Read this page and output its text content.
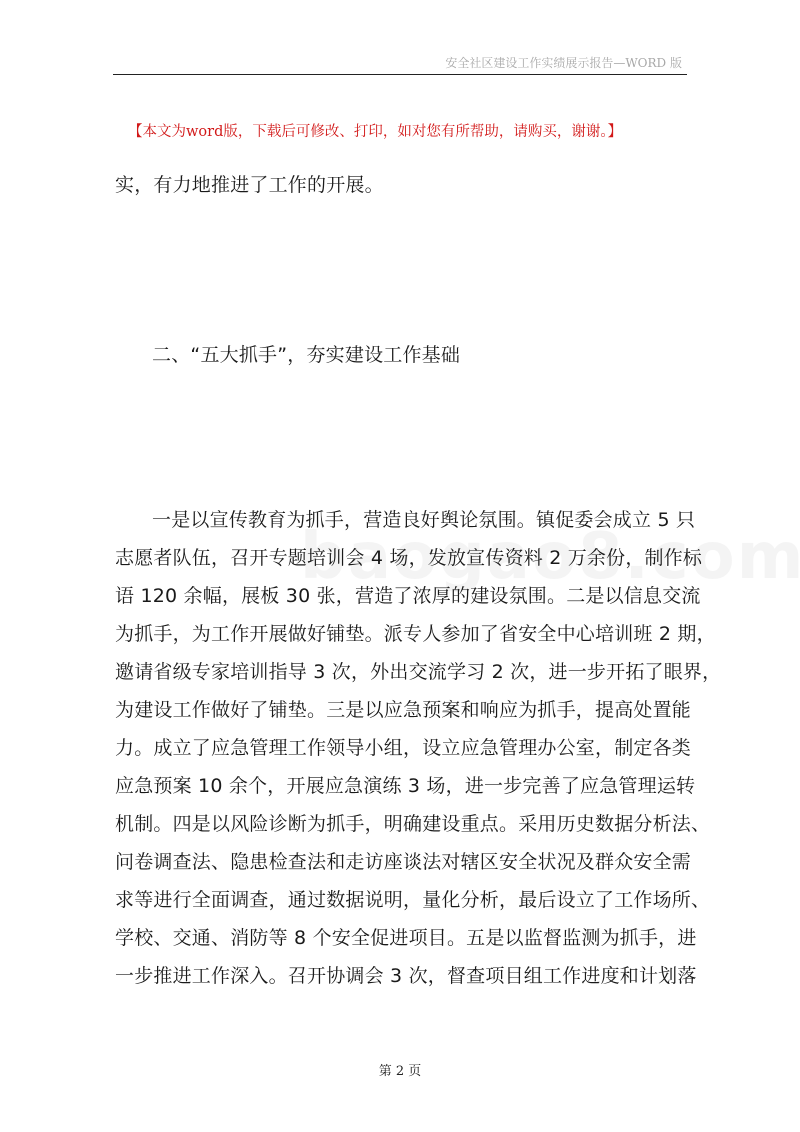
安全社区建设工作实绩展示报告—WORD 版
【本文为word版，下载后可修改、打印，如对您有所帮助，请购买，谢谢。】
实，有力地推进了工作的开展。
二、“五大抓手”，夯实建设工作基础
一是以宣传教育为抓手，营造良好舆论氛围。镇促委会成立 5 只
志愿者队伍，召开专题培训会 4 场，发放宣传资料 2 万余份，制作标
语 120 余幅，展板 30 张，营造了浓厚的建设氛围。二是以信息交流
为抓手，为工作开展做好铺垫。派专人参加了省安全中心培训班 2 期，
邀请省级专家培训指导 3 次，外出交流学习 2 次，进一步开拓了眼界，
为建设工作做好了铺垫。三是以应急预案和响应为抓手，提高处置能
力。成立了应急管理工作领导小组，设立应急管理办公室，制定各类
应急预案 10 余个，开展应急演练 3 场，进一步完善了应急管理运转
机制。四是以风险诊断为抓手，明确建设重点。采用历史数据分析法、
问卷调查法、隐患检查法和走访座谈法对辖区安全状况及群众安全需
求等进行全面调查，通过数据说明，量化分析，最后设立了工作场所、
学校、交通、消防等 8 个安全促进项目。五是以监督监测为抓手，进
一步推进工作深入。召开协调会 3 次，督查项目组工作进度和计划落
第 2 页
